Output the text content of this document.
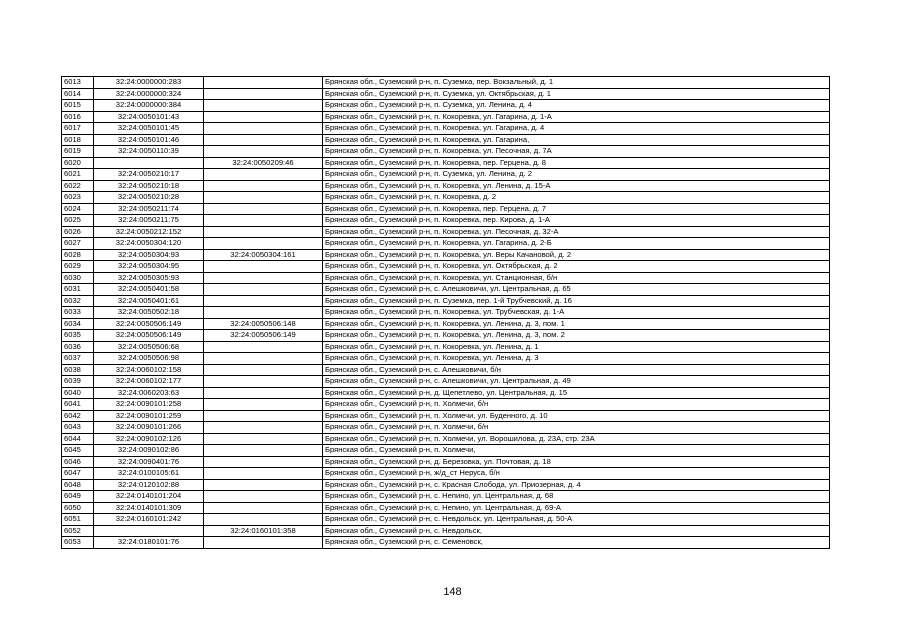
6013	32:24:0000000:283		Брянская обл., Суземский р-н, п. Суземка, пер. Вокзальный, д. 1
6014	32:24:0000000:324		Брянская обл., Суземский р-н, п. Суземка, ул. Октябрьская, д. 1
6015	32:24:0000000:384		Брянская обл., Суземский р-н, п. Суземка, ул. Ленина, д. 4
6016	32:24:0050101:43		Брянская обл., Суземский р-н, п. Кокоревка, ул. Гагарина, д. 1-А
6017	32:24:0050101:45		Брянская обл., Суземский р-н, п. Кокоревка, ул. Гагарина, д. 4
6018	32:24:0050101:46		Брянская обл., Суземский р-н, п. Кокоревка, ул. Гагарина,
6019	32:24:0050110:39		Брянская обл., Суземский р-н, п. Кокоревка, ул. Песочная, д. 7А
6020		32:24:0050209:46	Брянская обл., Суземский р-н, п. Кокоревка, пер. Герцена, д. 8
6021	32:24:0050210:17		Брянская обл., Суземский р-н, п. Суземка, ул. Ленина, д. 2
6022	32:24:0050210:18		Брянская обл., Суземский р-н, п. Кокоревка, ул. Ленина, д. 15-А
6023	32:24:0050210:28		Брянская обл., Суземский р-н, п. Кокоревка, д. 2
6024	32:24:0050211:74		Брянская обл., Суземский р-н, п. Кокоревка, пер. Герцена, д. 7
6025	32:24:0050211:75		Брянская обл., Суземский р-н, п. Кокоревка, пер. Кирова, д. 1-А
6026	32:24:0050212:152		Брянская обл., Суземский р-н, п. Кокоревка, ул. Песочная, д. 32-А
6027	32:24:0050304:120		Брянская обл., Суземский р-н, п. Кокоревка, ул. Гагарина, д. 2-Б
6028	32:24:0050304:93	32:24:0050304:161	Брянская обл., Суземский р-н, п. Кокоревка, ул. Веры Качановой, д. 2
6029	32:24:0050304:95		Брянская обл., Суземский р-н, п. Кокоревка, ул. Октябрьская, д. 2
6030	32:24:0050305:93		Брянская обл., Суземский р-н, п. Кокоревка, ул. Станционная, б/н
6031	32:24:0050401:58		Брянская обл., Суземский р-н, с. Алешковичи, ул. Центральная, д. 65
6032	32:24:0050401:61		Брянская обл., Суземский р-н, п. Суземка, пер. 1-й Трубчевский, д. 16
6033	32:24:0050502:18		Брянская обл., Суземский р-н, п. Кокоревка, ул. Трубчевская, д. 1-А
6034	32:24:0050506:149	32:24:0050506:148	Брянская обл., Суземский р-н, п. Кокоревка, ул. Ленина, д. 3, пом. 1
6035	32:24:0050506:149	32:24:0050506:149	Брянская обл., Суземский р-н, п. Кокоревка, ул. Ленина, д. 3, пом. 2
6036	32:24:0050506:68		Брянская обл., Суземский р-н, п. Кокоревка, ул. Ленина, д. 1
6037	32:24:0050506:98		Брянская обл., Суземский р-н, п. Кокоревка, ул. Ленина, д. 3
6038	32:24:0060102:158		Брянская обл., Суземский р-н, с. Алешковичи, б/н
6039	32:24:0060102:177		Брянская обл., Суземский р-н, с. Алешковичи, ул. Центральная, д. 49
6040	32:24:0060203:63		Брянская обл., Суземский р-н, д. Щепетлево, ул. Центральная, д. 15
6041	32:24:0090101:258		Брянская обл., Суземский р-н, п. Холмечи, б/н
6042	32:24:0090101:259		Брянская обл., Суземский р-н, п. Холмечи, ул. Буденного, д. 10
6043	32:24:0090101:266		Брянская обл., Суземский р-н, п. Холмечи, б/н
6044	32:24:0090102:126		Брянская обл., Суземский р-н, п. Холмечи, ул. Ворошилова, д. 23А, стр. 23А
6045	32:24:0090102:86		Брянская обл., Суземский р-н, п. Холмечи,
6046	32:24:0090401:76		Брянская обл., Суземский р-н, д. Березовка, ул. Почтовая, д. 18
6047	32:24:0100105:61		Брянская обл., Суземский р-н, ж/д_ст Неруса, б/н
6048	32:24:0120102:88		Брянская обл., Суземский р-н, с. Красная Слобода, ул. Приозерная, д. 4
6049	32:24:0140101:204		Брянская обл., Суземский р-н, с. Непино, ул. Центральная, д. 68
6050	32:24:0140101:309		Брянская обл., Суземский р-н, с. Непино, ул. Центральная, д. 69-А
6051	32:24:0160101:242		Брянская обл., Суземский р-н, с. Невдольск, ул. Центральная, д. 50-А
6052		32:24:0160101:358	Брянская обл., Суземский р-н, с. Невдольск,
6053	32:24:0180101:76		Брянская обл., Суземский р-н, с. Семеновск,
148
